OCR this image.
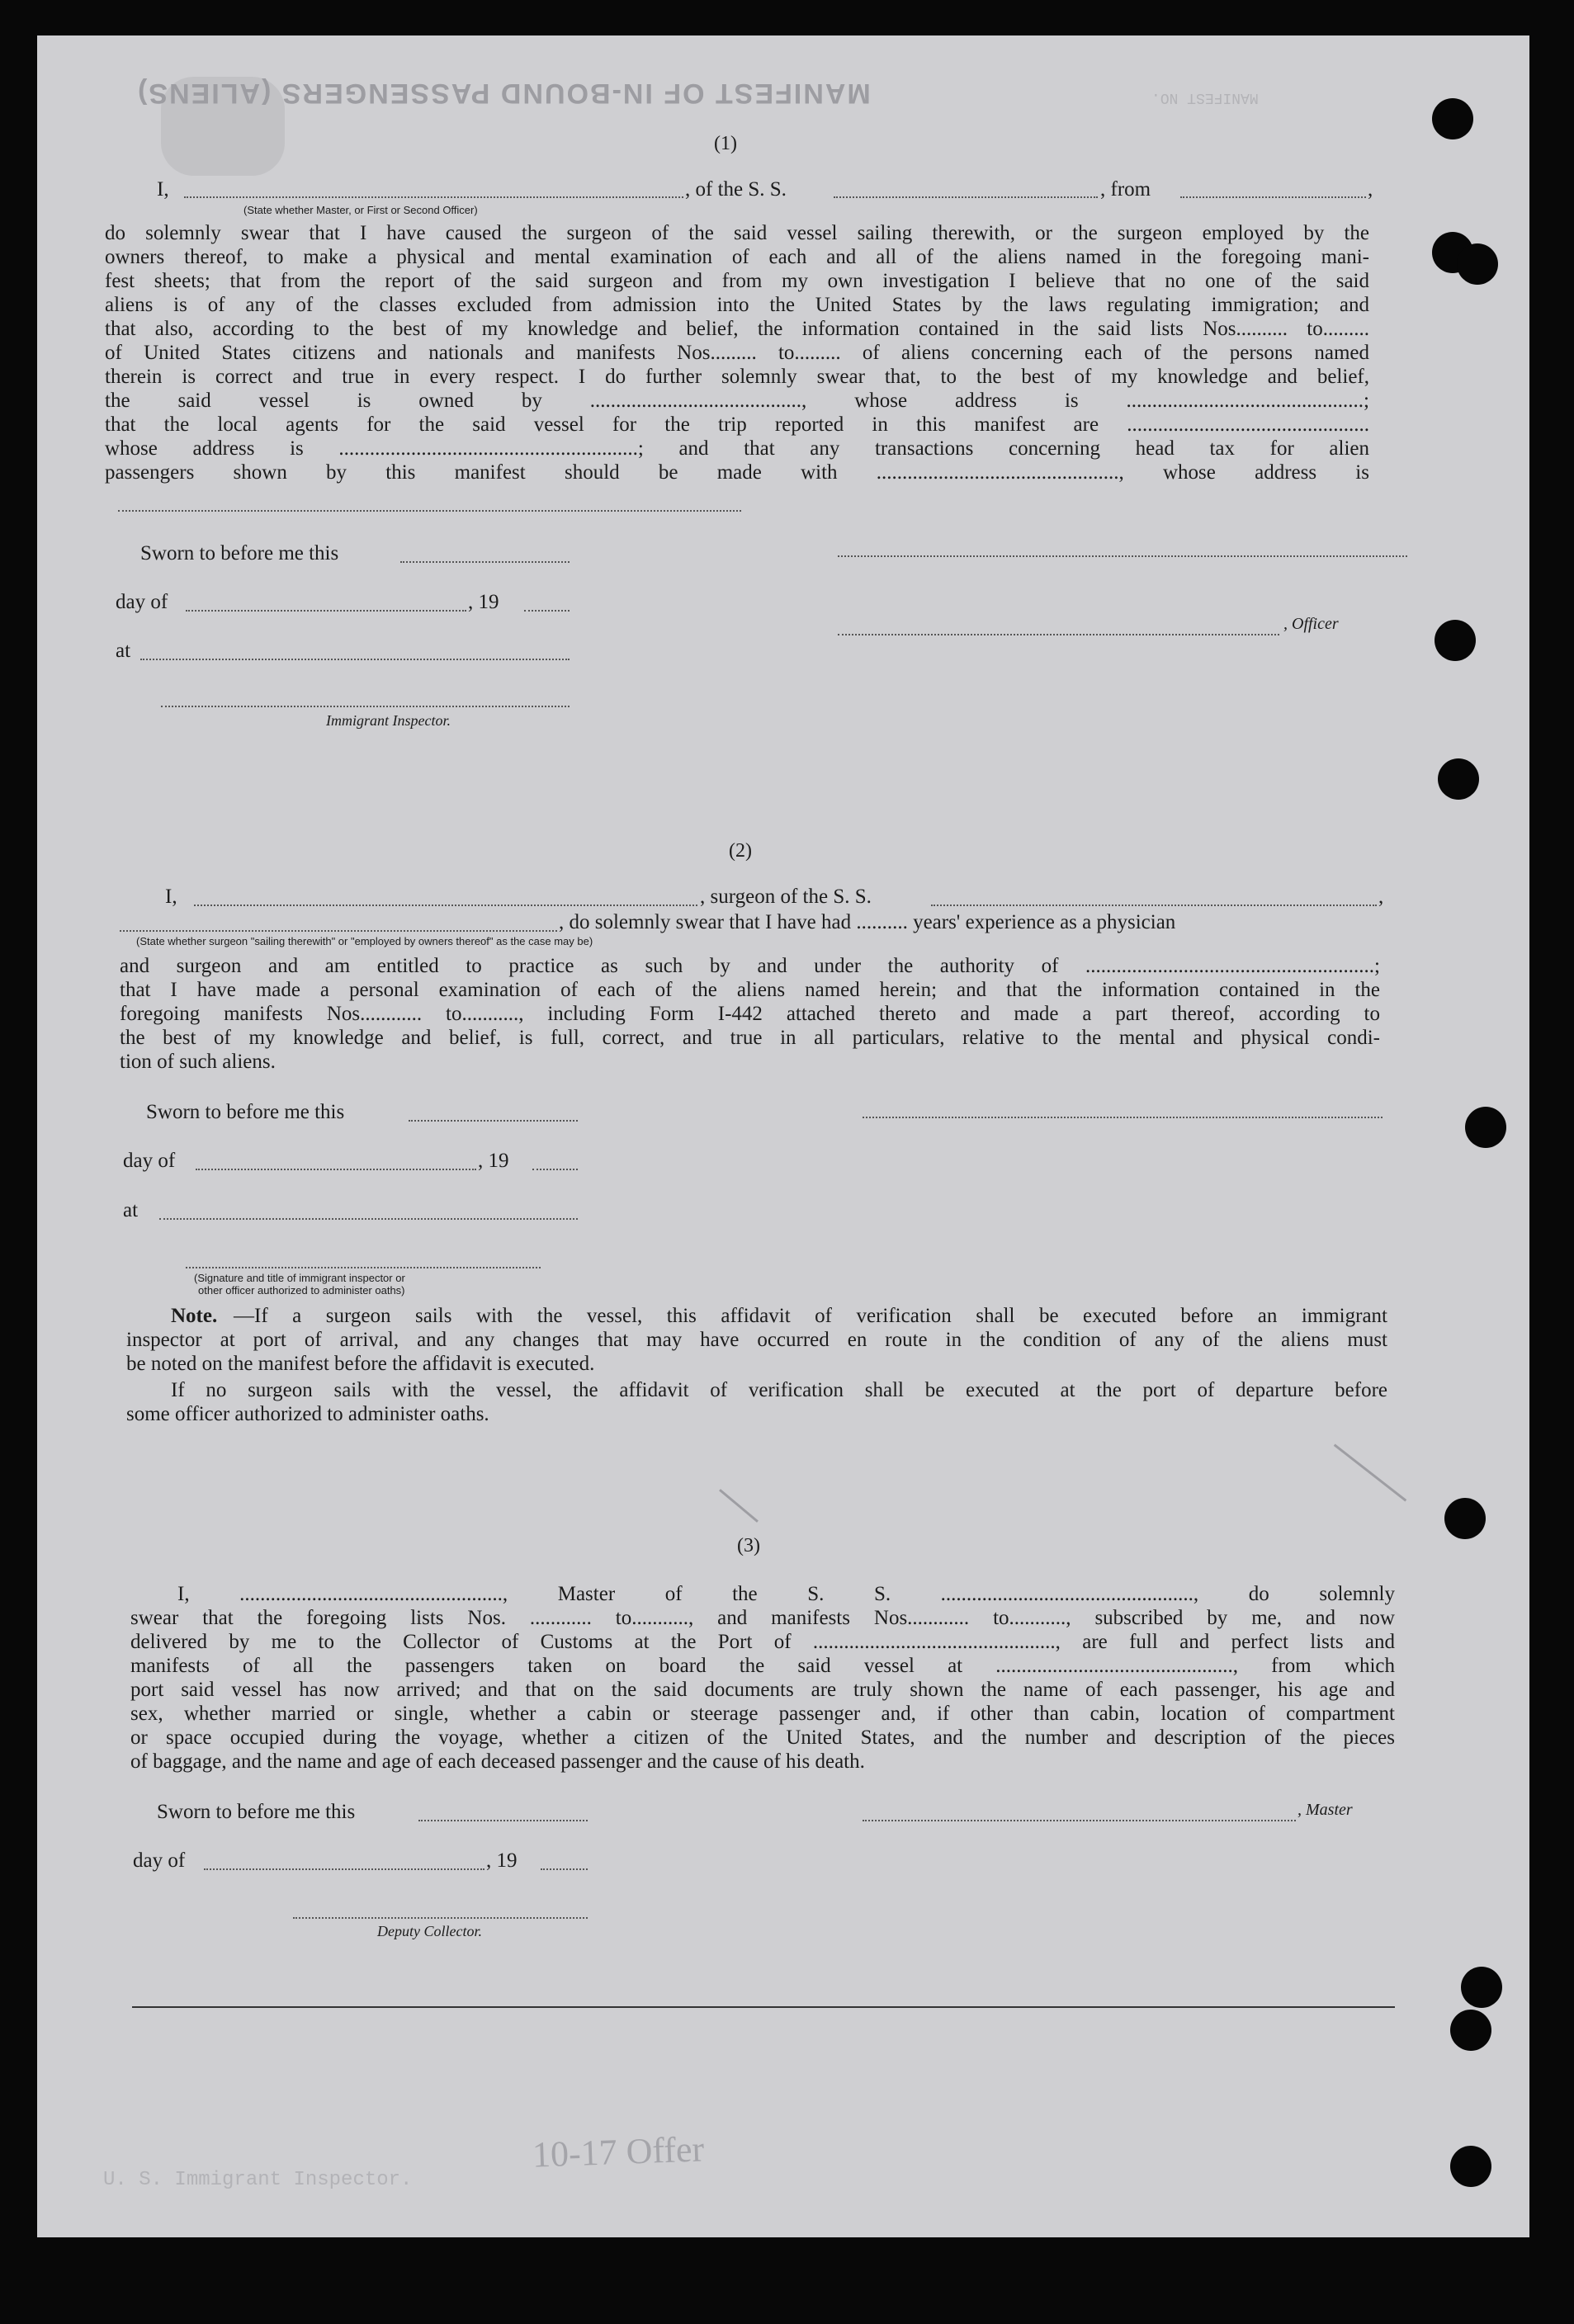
MANIFEST OF IN-BOUND PASSENGERS (ALIENS)	MANIFEST NO.
U. S. Immigrant Inspector.
10-17 Offer
(1)
I,	, of the S. S.	, from	,
(State whether Master, or First or Second Officer)
do solemnly swear that I have caused the surgeon of the said vessel sailing therewith, or the surgeon employed by the
owners thereof, to make a physical and mental examination of each and all of the aliens named in the foregoing mani-
fest sheets; that from the report of the said surgeon and from my own investigation I believe that no one of the said
aliens is of any of the classes excluded from admission into the United States by the laws regulating immigration; and
that also, according to the best of my knowledge and belief, the information contained in the said lists Nos.......... to.........
of United States citizens and nationals and manifests Nos......... to......... of aliens concerning each of the persons named
therein is correct and true in every respect. I do further solemnly swear that, to the best of my knowledge and belief,
the said vessel is owned by ........................................., whose address is ..............................................;
that the local agents for the said vessel for the trip reported in this manifest are ...............................................
whose address is ..........................................................; and that any transactions concerning head tax for alien
passengers shown by this manifest should be made with ..............................................., whose address is
Sworn to before me this
day of	, 19
, Officer
at
Immigrant Inspector.
(2)
I,	, surgeon of the S. S.	,
, do solemnly swear that I have had .......... years' experience as a physician
(State whether surgeon "sailing therewith" or "employed by owners thereof" as the case may be)
and surgeon and am entitled to practice as such by and under the authority of ........................................................;
that I have made a personal examination of each of the aliens named herein; and that the information contained in the
foregoing manifests Nos............ to..........., including Form I-442 attached thereto and made a part thereof, according to
the best of my knowledge and belief, is full, correct, and true in all particulars, relative to the mental and physical condi-
tion of such aliens.
Sworn to before me this
day of	, 19
at
(Signature and title of immigrant inspector or
other officer authorized to administer oaths)
Note. —If a surgeon sails with the vessel, this affidavit of verification shall be executed before an immigrant
inspector at port of arrival, and any changes that may have occurred en route in the condition of any of the aliens must
be noted on the manifest before the affidavit is executed.
If no surgeon sails with the vessel, the affidavit of verification shall be executed at the port of departure before
some officer authorized to administer oaths.
(3)
I, ..................................................., Master of the S. S. ................................................., do solemnly
swear that the foregoing lists Nos. ............ to..........., and manifests Nos............ to..........., subscribed by me, and now
delivered by me to the Collector of Customs at the Port of ..............................................., are full and perfect lists and
manifests of all the passengers taken on board the said vessel at .............................................., from which
port said vessel has now arrived; and that on the said documents are truly shown the name of each passenger, his age and
sex, whether married or single, whether a cabin or steerage passenger and, if other than cabin, location of compartment
or space occupied during the voyage, whether a citizen of the United States, and the number and description of the pieces
of baggage, and the name and age of each deceased passenger and the cause of his death.
Sworn to before me this	, Master
day of	, 19
Deputy Collector.
